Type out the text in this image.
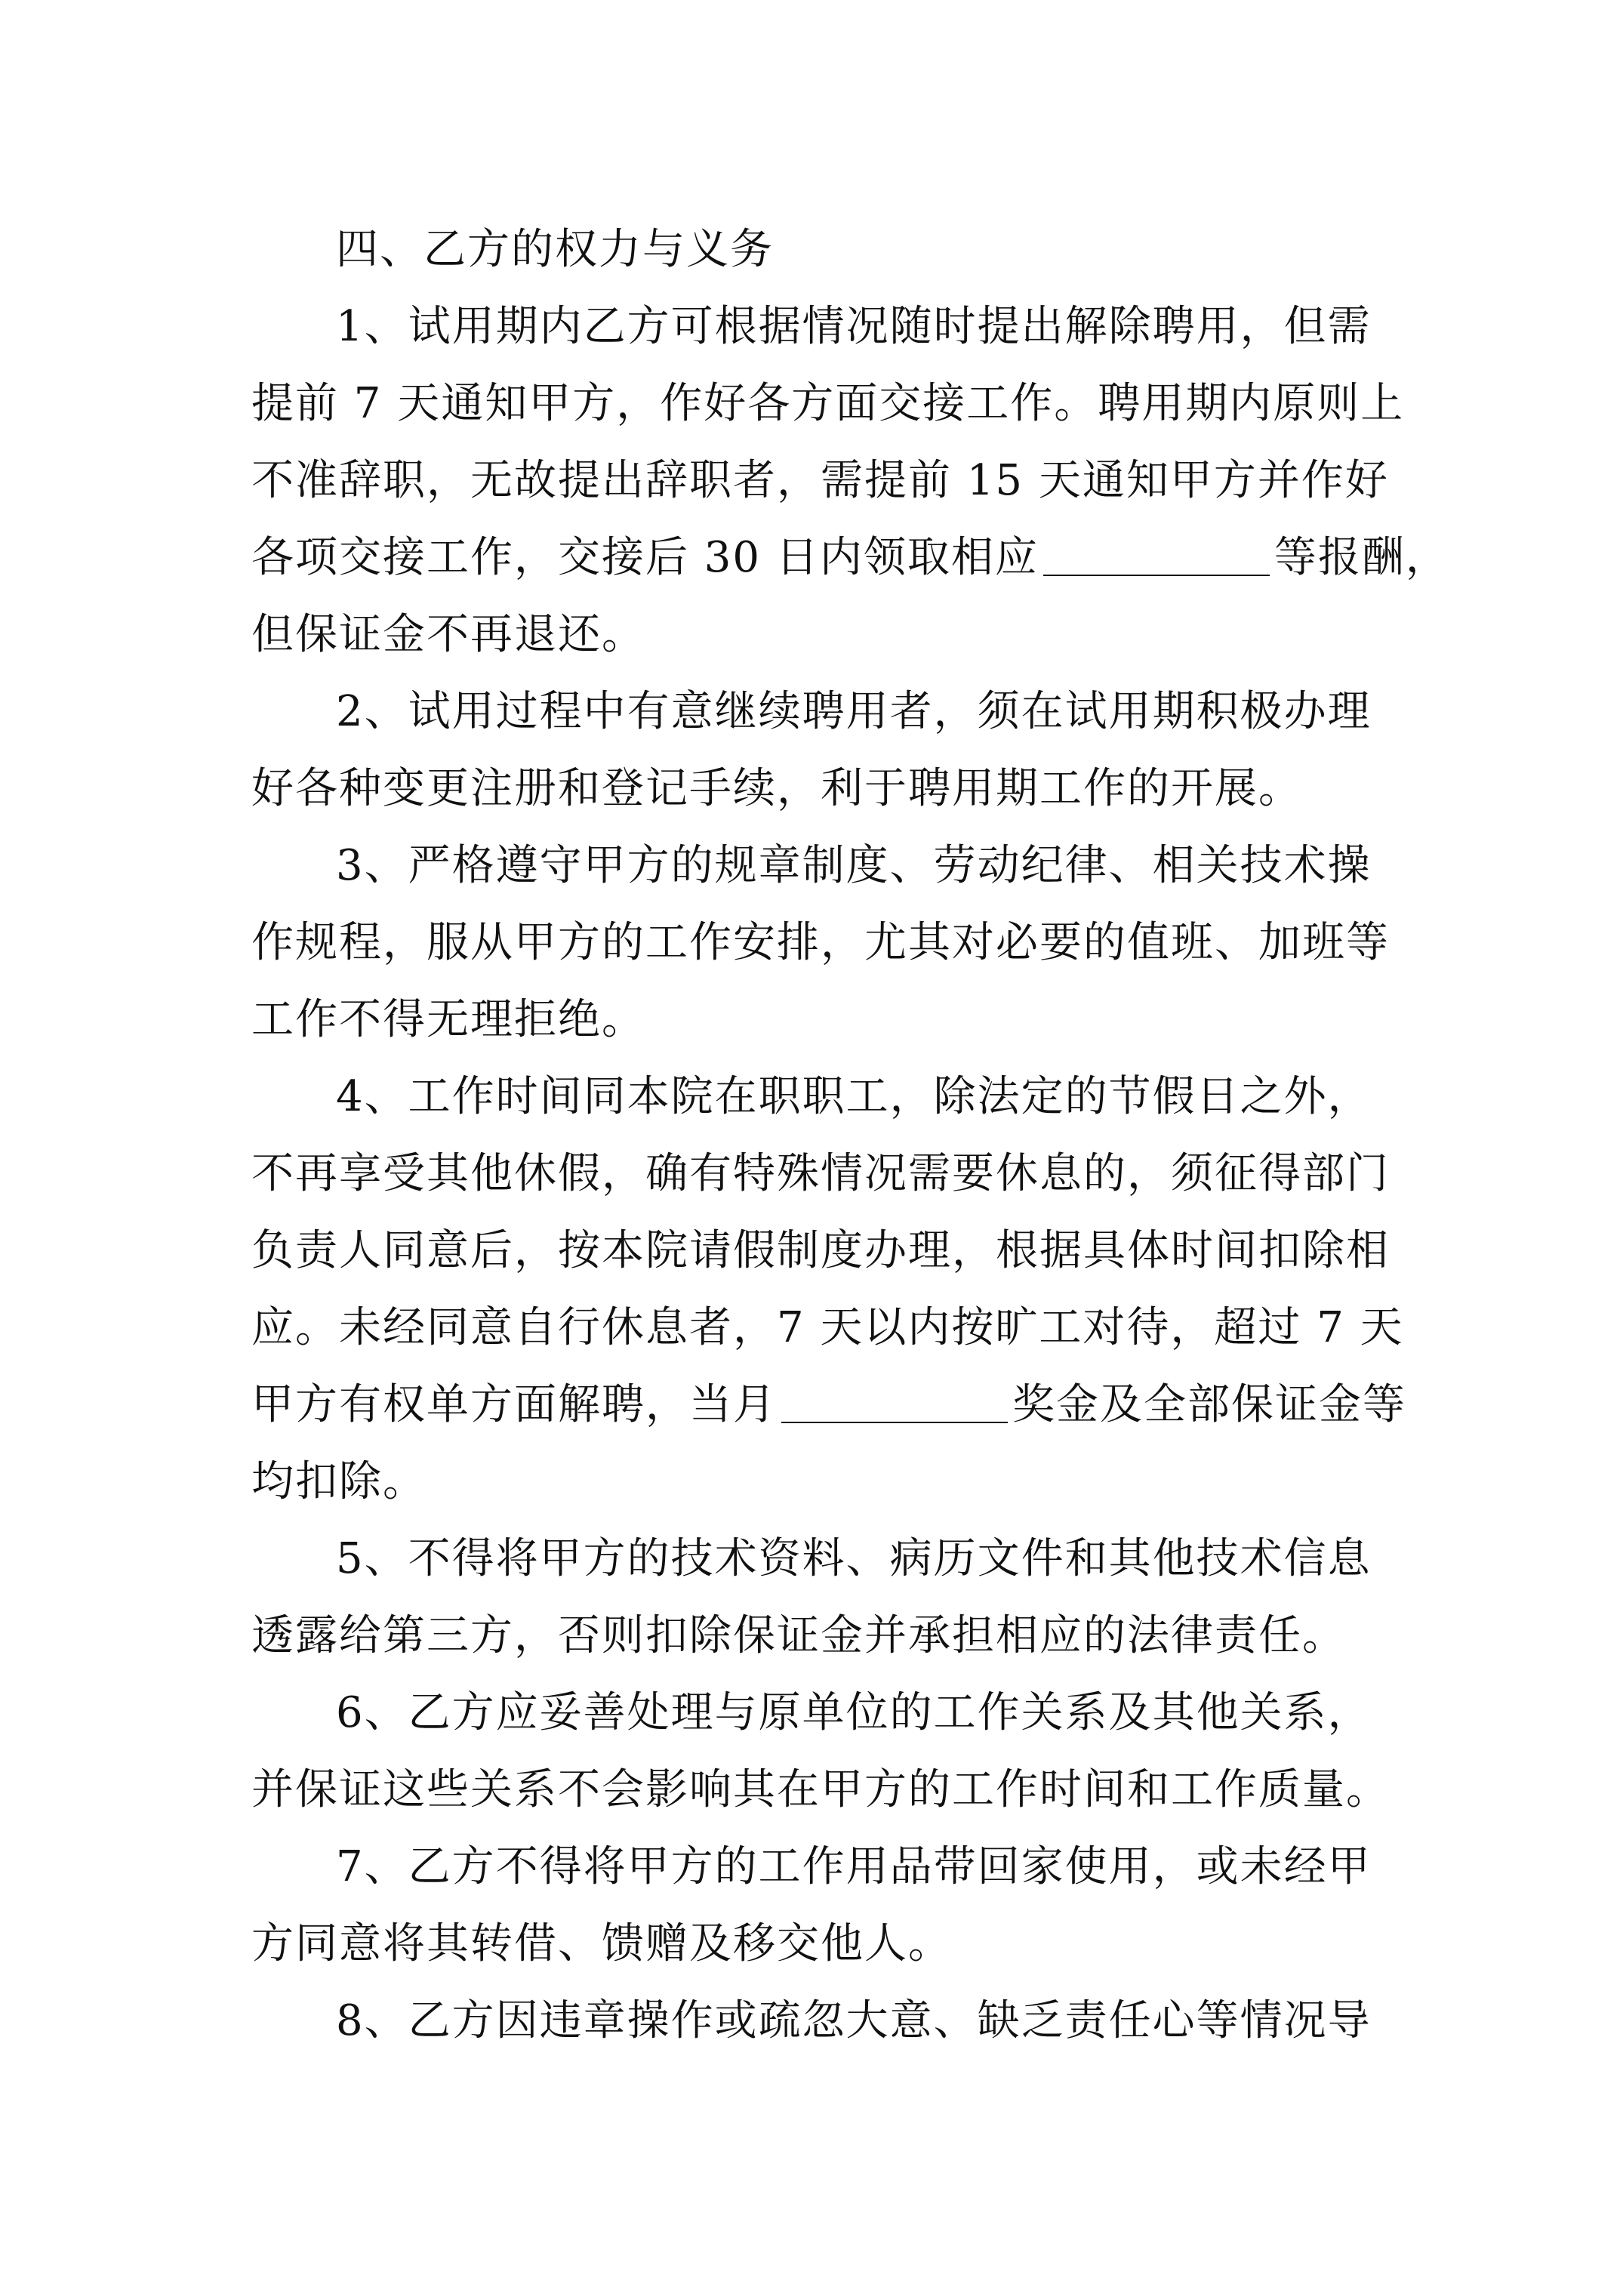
四、乙方的权力与义务
1、试用期内乙方可根据情况随时提出解除聘用，但需
提前 7 天通知甲方，作好各方面交接工作。聘用期内原则上
不准辞职，无故提出辞职者，需提前 15 天通知甲方并作好
各项交接工作，交接后 30 日内领取相应	等报酬，
但保证金不再退还。
2、试用过程中有意继续聘用者，须在试用期积极办理
好各种变更注册和登记手续，利于聘用期工作的开展。
3、严格遵守甲方的规章制度、劳动纪律、相关技术操
作规程，服从甲方的工作安排，尤其对必要的值班、加班等
工作不得无理拒绝。
4、工作时间同本院在职职工，除法定的节假日之外，
不再享受其他休假，确有特殊情况需要休息的，须征得部门
负责人同意后，按本院请假制度办理，根据具体时间扣除相
应。未经同意自行休息者，7 天以内按旷工对待，超过 7 天
甲方有权单方面解聘，当月	奖金及全部保证金等
均扣除。
5、不得将甲方的技术资料、病历文件和其他技术信息
透露给第三方，否则扣除保证金并承担相应的法律责任。
6、乙方应妥善处理与原单位的工作关系及其他关系，
并保证这些关系不会影响其在甲方的工作时间和工作质量。
7、乙方不得将甲方的工作用品带回家使用，或未经甲
方同意将其转借、馈赠及移交他人。
8、乙方因违章操作或疏忽大意、缺乏责任心等情况导
